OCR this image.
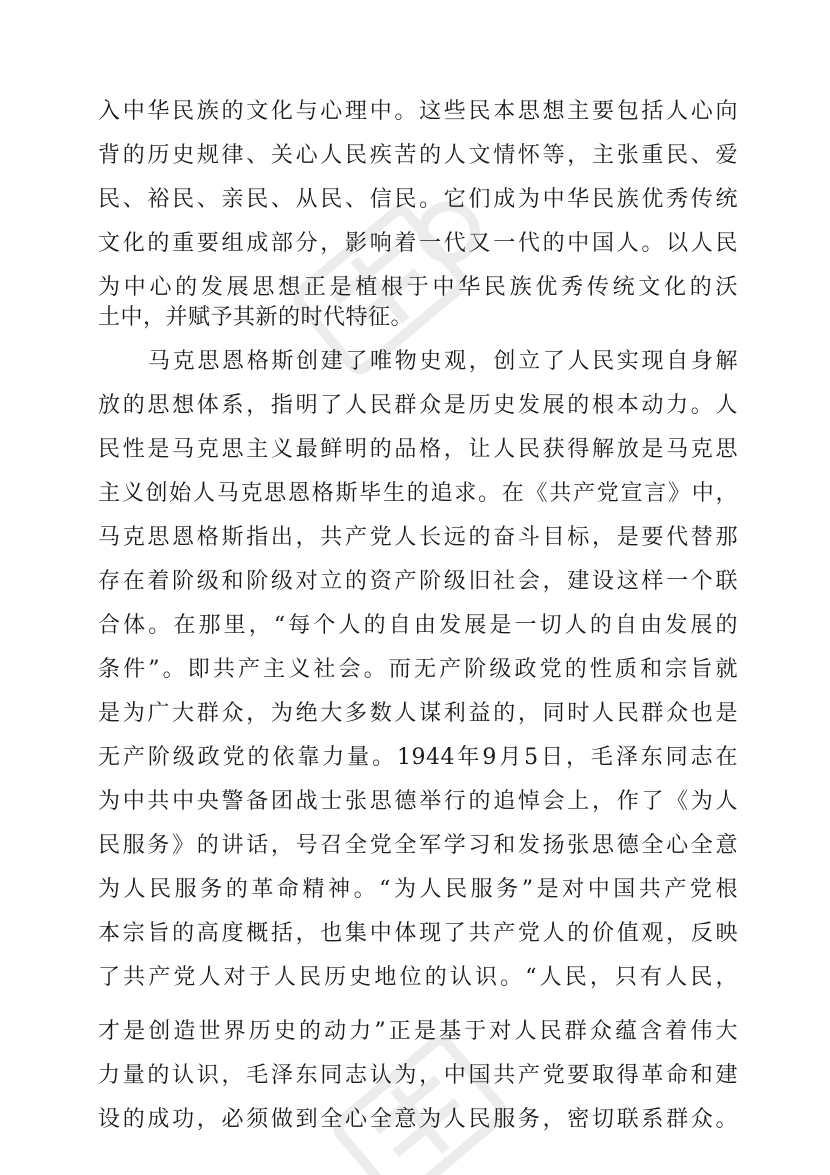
入中华民族的文化与心理中。这些民本思想主要包括人心向
背的历史规律、关心人民疾苦的人文情怀等，主张重民、爱
民、裕民、亲民、从民、信民。它们成为中华民族优秀传统
文化的重要组成部分，影响着一代又一代的中国人。以人民
为中心的发展思想正是植根于中华民族优秀传统文化的沃
土中，并赋予其新的时代特征。
马克思恩格斯创建了唯物史观，创立了人民实现自身解
放的思想体系，指明了人民群众是历史发展的根本动力。人
民性是马克思主义最鲜明的品格，让人民获得解放是马克思
主义创始人马克思恩格斯毕生的追求。在《共产党宣言》中，
马克思恩格斯指出，共产党人长远的奋斗目标，是要代替那
存在着阶级和阶级对立的资产阶级旧社会，建设这样一个联
合体。在那里，“每个人的自由发展是一切人的自由发展的
条件”。即共产主义社会。而无产阶级政党的性质和宗旨就
是为广大群众，为绝大多数人谋利益的，同时人民群众也是
无产阶级政党的依靠力量。1944年9月5日，毛泽东同志在
为中共中央警备团战士张思德举行的追悼会上，作了《为人
民服务》的讲话，号召全党全军学习和发扬张思德全心全意
为人民服务的革命精神。“为人民服务”是对中国共产党根
本宗旨的高度概括，也集中体现了共产党人的价值观，反映
了共产党人对于人民历史地位的认识。“人民，只有人民，
才是创造世界历史的动力”正是基于对人民群众蕴含着伟大
力量的认识，毛泽东同志认为，中国共产党要取得革命和建
设的成功，必须做到全心全意为人民服务，密切联系群众。
